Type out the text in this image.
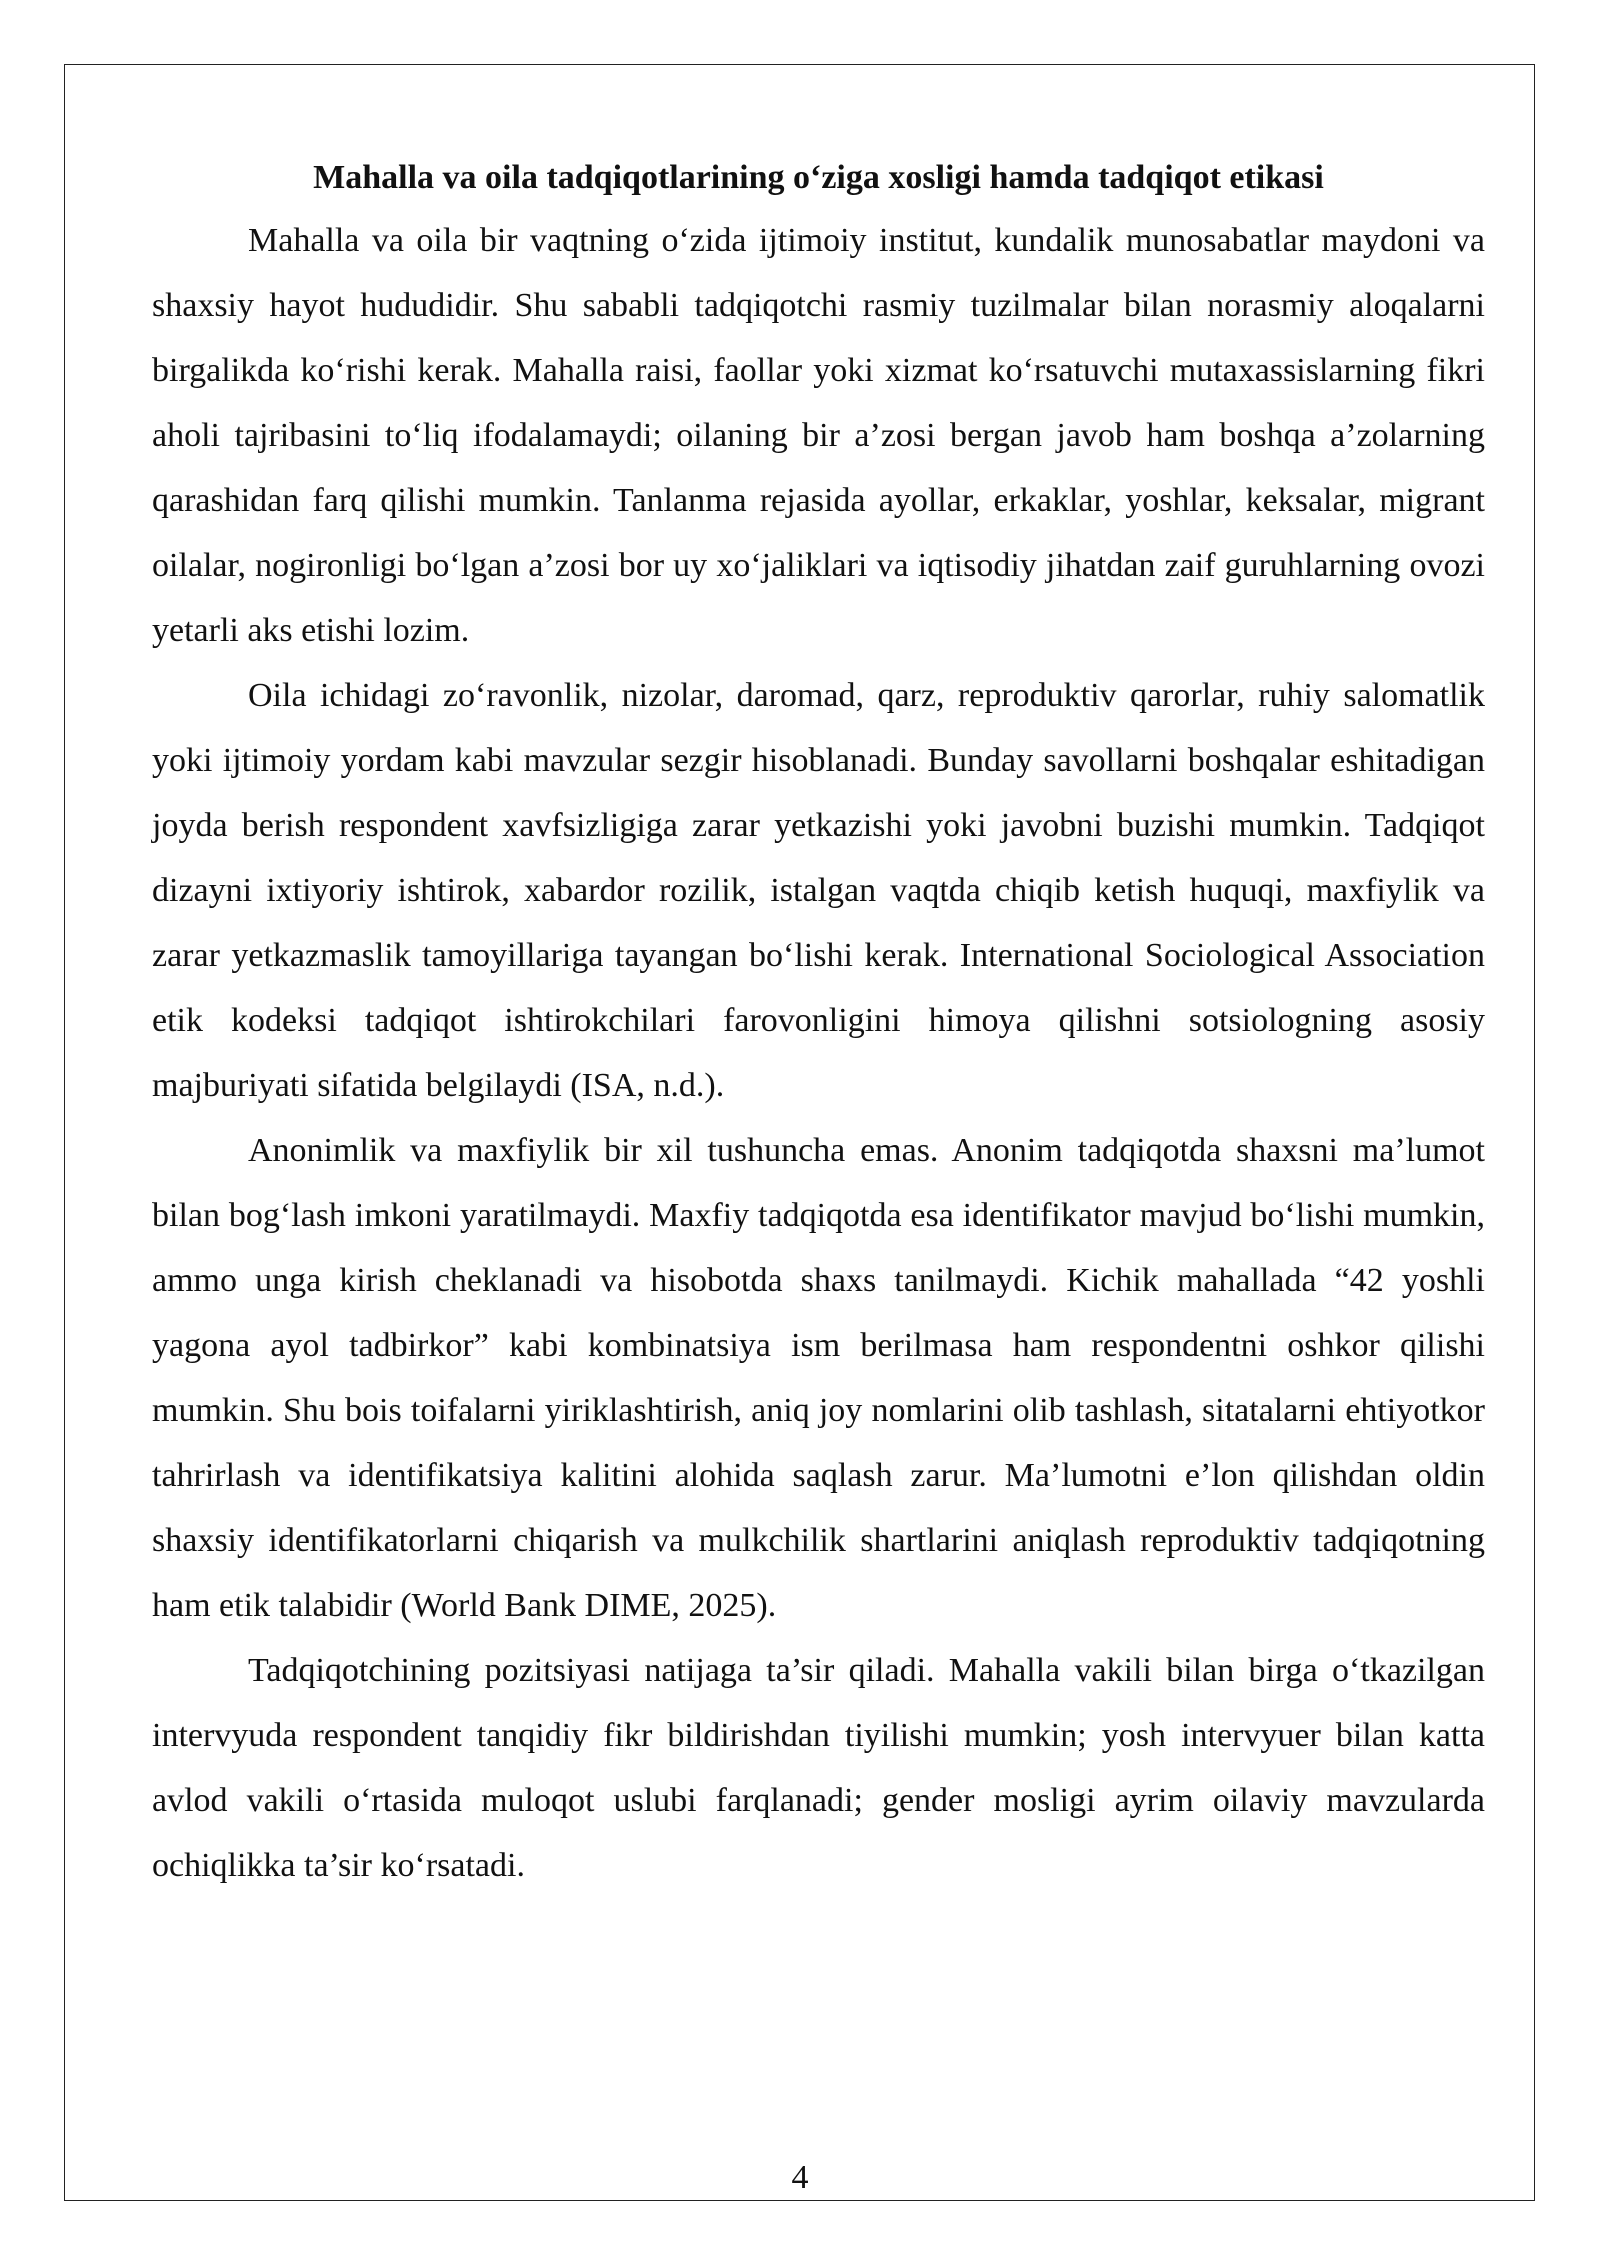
Mahalla va oila tadqiqotlarining o‘ziga xosligi hamda tadqiqot etikasi

Mahalla va oila bir vaqtning o‘zida ijtimoiy institut, kundalik munosabatlar maydoni va shaxsiy hayot hududidir. Shu sababli tadqiqotchi rasmiy tuzilmalar bilan norasmiy aloqalarni birgalikda ko‘rishi kerak. Mahalla raisi, faollar yoki xizmat ko‘rsatuvchi mutaxassislarning fikri aholi tajribasini to‘liq ifodalamaydi; oilaning bir a’zosi bergan javob ham boshqa a’zolarning qarashidan farq qilishi mumkin. Tanlanma rejasida ayollar, erkaklar, yoshlar, keksalar, migrant oilalar, nogironligi bo‘lgan a’zosi bor uy xo‘jaliklari va iqtisodiy jihatdan zaif guruhlarning ovozi yetarli aks etishi lozim.

Oila ichidagi zo‘ravonlik, nizolar, daromad, qarz, reproduktiv qarorlar, ruhiy salomatlik yoki ijtimoiy yordam kabi mavzular sezgir hisoblanadi. Bunday savollarni boshqalar eshitadigan joyda berish respondent xavfsizligiga zarar yetkazishi yoki javobni buzishi mumkin. Tadqiqot dizayni ixtiyoriy ishtirok, xabardor rozilik, istalgan vaqtda chiqib ketish huquqi, maxfiylik va zarar yetkazmaslik tamoyillariga tayangan bo‘lishi kerak. International Sociological Association etik kodeksi tadqiqot ishtirokchilari farovonligini himoya qilishni sotsiologning asosiy majburiyati sifatida belgilaydi (ISA, n.d.).

Anonimlik va maxfiylik bir xil tushuncha emas. Anonim tadqiqotda shaxsni ma’lumot bilan bog‘lash imkoni yaratilmaydi. Maxfiy tadqiqotda esa identifikator mavjud bo‘lishi mumkin, ammo unga kirish cheklanadi va hisobotda shaxs tanilmaydi. Kichik mahallada “42 yoshli yagona ayol tadbirkor” kabi kombinatsiya ism berilmasa ham respondentni oshkor qilishi mumkin. Shu bois toifalarni yiriklashtirish, aniq joy nomlarini olib tashlash, sitatalarni ehtiyotkor tahrirlash va identifikatsiya kalitini alohida saqlash zarur. Ma’lumotni e’lon qilishdan oldin shaxsiy identifikatorlarni chiqarish va mulkchilik shartlarini aniqlash reproduktiv tadqiqotning ham etik talabidir (World Bank DIME, 2025).

Tadqiqotchining pozitsiyasi natijaga ta’sir qiladi. Mahalla vakili bilan birga o‘tkazilgan intervyuda respondent tanqidiy fikr bildirishdan tiyilishi mumkin; yosh intervyuer bilan katta avlod vakili o‘rtasida muloqot uslubi farqlanadi; gender mosligi ayrim oilaviy mavzularda ochiqlikka ta’sir ko‘rsatadi.

4
